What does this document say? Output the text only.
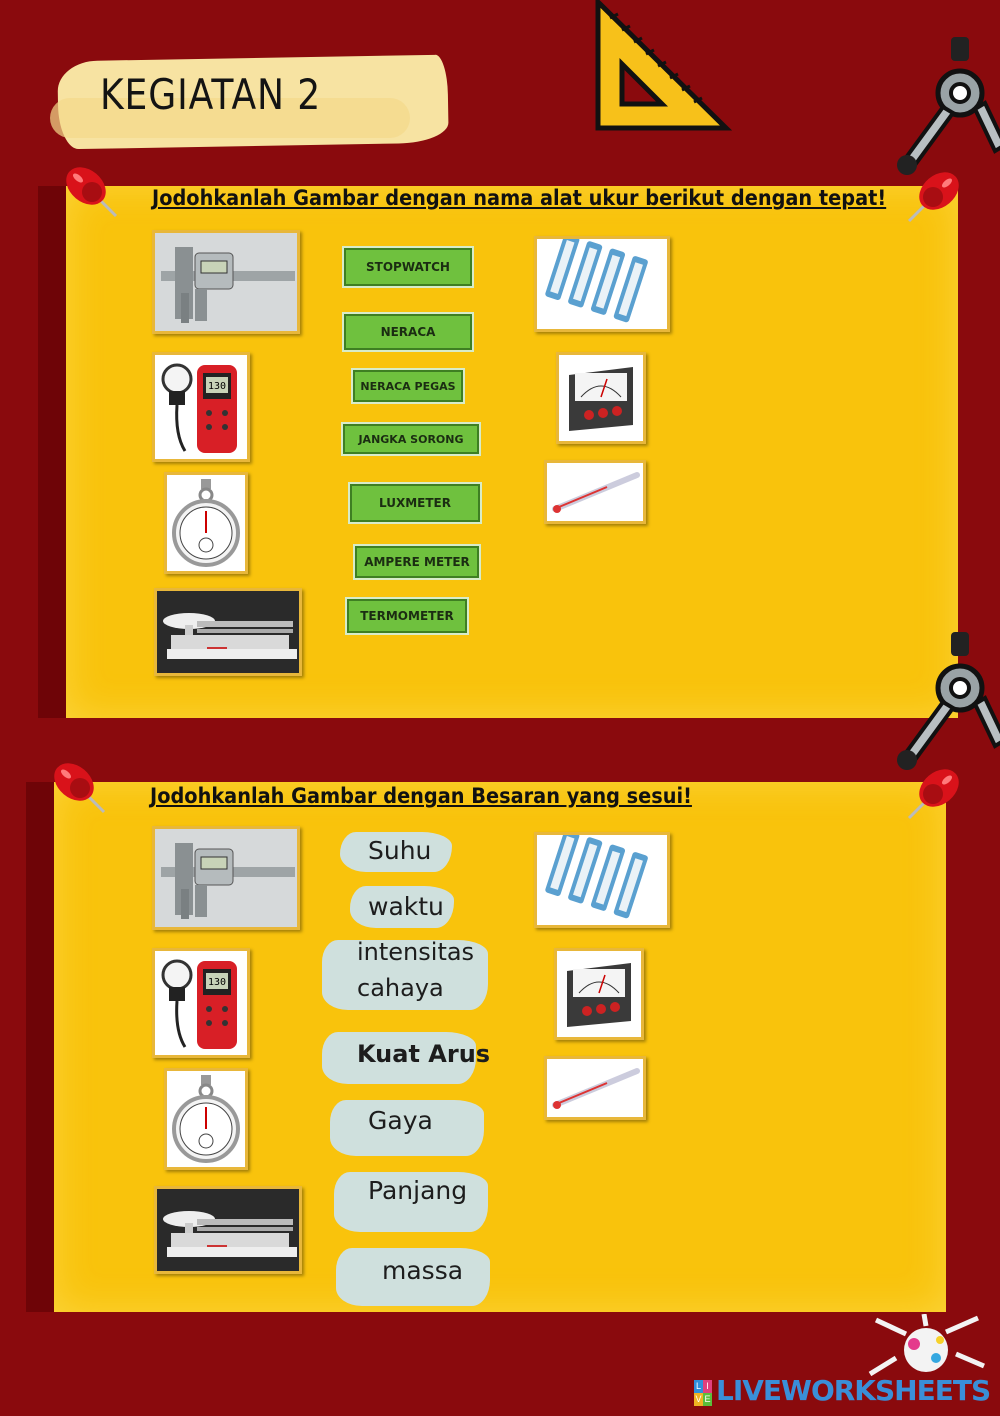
KEGIATAN 2
Jodohkanlah Gambar dengan nama alat ukur berikut dengan tepat!
130
STOPWATCH
NERACA
NERACA PEGAS
JANGKA SORONG
LUXMETER
AMPERE METER
TERMOMETER
Jodohkanlah Gambar dengan Besaran yang sesui!
130
Suhu
waktu
intensitas
cahaya
Kuat Arus
Gaya
Panjang
massa
L I
V E LIVEWORKSHEETS
